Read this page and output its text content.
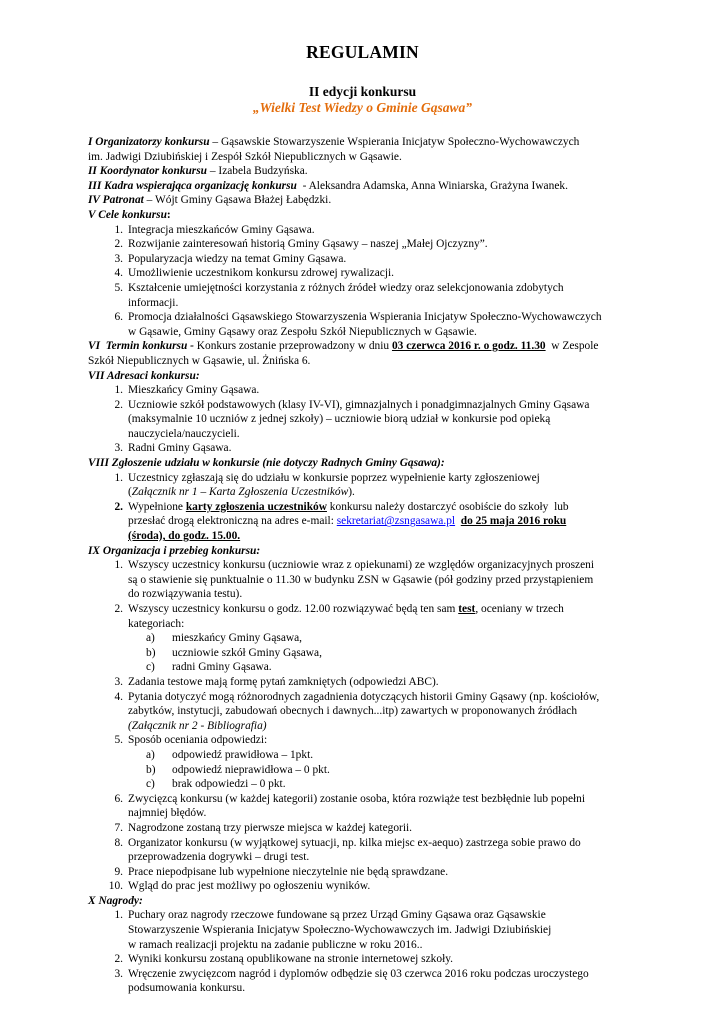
REGULAMIN
II edycji konkursu
„Wielki Test Wiedzy o Gminie Gąsawa”
I Organizatorzy konkursu – Gąsawskie Stowarzyszenie Wspierania Inicjatyw Społeczno-Wychowawczych
im. Jadwigi Dziubińskiej i Zespół Szkół Niepublicznych w Gąsawie.
II Koordynator konkursu – Izabela Budzyńska.
III Kadra wspierająca organizację konkursu  - Aleksandra Adamska, Anna Winiarska, Grażyna Iwanek.
IV Patronat – Wójt Gminy Gąsawa Błażej Łabędzki.
V Cele konkursu:
1. Integracja mieszkańców Gminy Gąsawa.
2. Rozwijanie zainteresowań historią Gminy Gąsawy – naszej „Małej Ojczyzny”.
3. Popularyzacja wiedzy na temat Gminy Gąsawa.
4. Umożliwienie uczestnikom konkursu zdrowej rywalizacji.
5. Kształcenie umiejętności korzystania z różnych źródeł wiedzy oraz selekcjonowania zdobytych
informacji.
6. Promocja działalności Gąsawskiego Stowarzyszenia Wspierania Inicjatyw Społeczno-Wychowawczych
w Gąsawie, Gminy Gąsawy oraz Zespołu Szkół Niepublicznych w Gąsawie.
VI  Termin konkursu - Konkurs zostanie przeprowadzony w dniu 03 czerwca 2016 r. o godz. 11.30  w Zespole
Szkół Niepublicznych w Gąsawie, ul. Żnińska 6.
VII Adresaci konkursu:
1. Mieszkańcy Gminy Gąsawa.
2. Uczniowie szkół podstawowych (klasy IV-VI), gimnazjalnych i ponadgimnazjalnych Gminy Gąsawa
(maksymalnie 10 uczniów z jednej szkoły) – uczniowie biorą udział w konkursie pod opieką
nauczyciela/nauczycieli.
3. Radni Gminy Gąsawa.
VIII Zgłoszenie udziału w konkursie (nie dotyczy Radnych Gminy Gąsawa):
1. Uczestnicy zgłaszają się do udziału w konkursie poprzez wypełnienie karty zgłoszeniowej
(Załącznik nr 1 – Karta Zgłoszenia Uczestników).
2. Wypełnione karty zgłoszenia uczestników konkursu należy dostarczyć osobiście do szkoły  lub
przesłać drogą elektroniczną na adres e-mail: sekretariat@zsngasawa.pl do 25 maja 2016 roku
(środa), do godz. 15.00.
IX Organizacja i przebieg konkursu:
1. Wszyscy uczestnicy konkursu (uczniowie wraz z opiekunami) ze względów organizacyjnych proszeni
są o stawienie się punktualnie o 11.30 w budynku ZSN w Gąsawie (pół godziny przed przystąpieniem
do rozwiązywania testu).
2. Wszyscy uczestnicy konkursu o godz. 12.00 rozwiązywać będą ten sam test, oceniany w trzech
kategoriach:
a)	mieszkańcy Gminy Gąsawa,
b)	uczniowie szkół Gminy Gąsawa,
c)	radni Gminy Gąsawa.
3. Zadania testowe mają formę pytań zamkniętych (odpowiedzi ABC).
4. Pytania dotyczyć mogą różnorodnych zagadnienia dotyczących historii Gminy Gąsawy (np. kościołów,
zabytków, instytucji, zabudowań obecnych i dawnych...itp) zawartych w proponowanych źródłach
(Załącznik nr 2 - Bibliografia)
5. Sposób oceniania odpowiedzi:
a)	odpowiedź prawidłowa – 1pkt.
b)	odpowiedź nieprawidłowa – 0 pkt.
c)	brak odpowiedzi – 0 pkt.
6. Zwycięzcą konkursu (w każdej kategorii) zostanie osoba, która rozwiąże test bezbłędnie lub popełni
najmniej błędów.
7. Nagrodzone zostaną trzy pierwsze miejsca w każdej kategorii.
8. Organizator konkursu (w wyjątkowej sytuacji, np. kilka miejsc ex-aequo) zastrzega sobie prawo do
przeprowadzenia dogrywki – drugi test.
9. Prace niepodpisane lub wypełnione nieczytelnie nie będą sprawdzane.
10. Wgląd do prac jest możliwy po ogłoszeniu wyników.
X Nagrody:
1. Puchary oraz nagrody rzeczowe fundowane są przez Urząd Gminy Gąsawa oraz Gąsawskie
Stowarzyszenie Wspierania Inicjatyw Społeczno-Wychowawczych im. Jadwigi Dziubińskiej
w ramach realizacji projektu na zadanie publiczne w roku 2016..
2. Wyniki konkursu zostaną opublikowane na stronie internetowej szkoły.
3. Wręczenie zwycięzcom nagród i dyplomów odbędzie się 03 czerwca 2016 roku podczas uroczystego
podsumowania konkursu.
